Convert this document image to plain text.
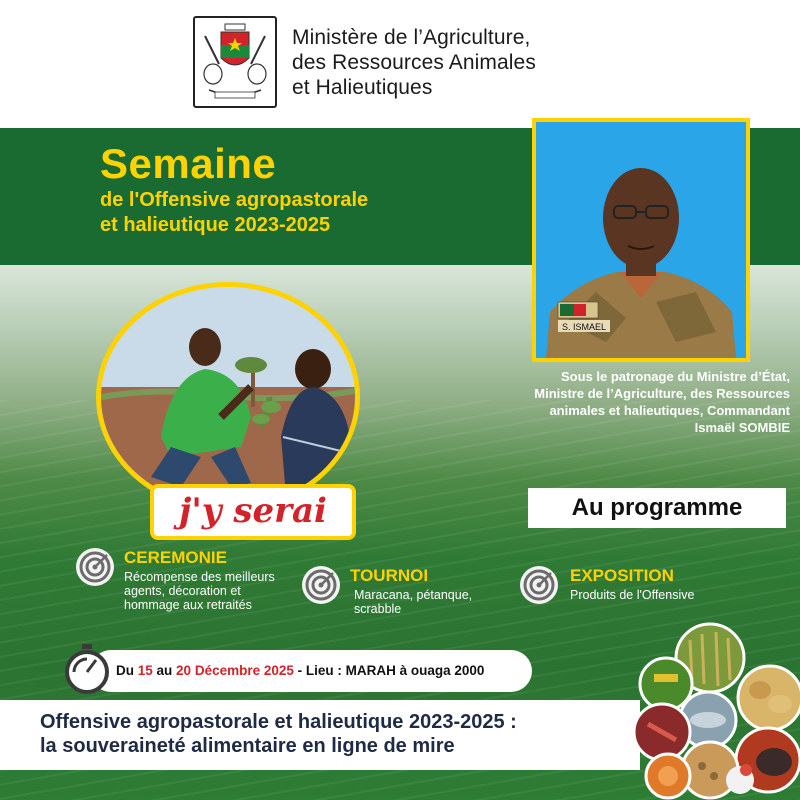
Ministère de l’Agriculture,
des Ressources Animales
et Halieutiques
Semaine
de l'Offensive agropastorale
et halieutique 2023-2025
S. ISMAEL
Sous le patronage du Ministre d’État,
Ministre de l’Agriculture, des Ressources
animales et halieutiques, Commandant
Ismaël SOMBIE
j'y serai	Au programme
CEREMONIE
Récompense des meilleurs
agents, décoration et
hommage aux retraités
TOURNOI
Maracana, pétanque,
scrabble
EXPOSITION
Produits de l'Offensive
Du 15 au 20 Décembre 2025 - Lieu : MARAH à ouaga 2000
Offensive agropastorale et halieutique 2023-2025 :
la souveraineté alimentaire en ligne de mire
